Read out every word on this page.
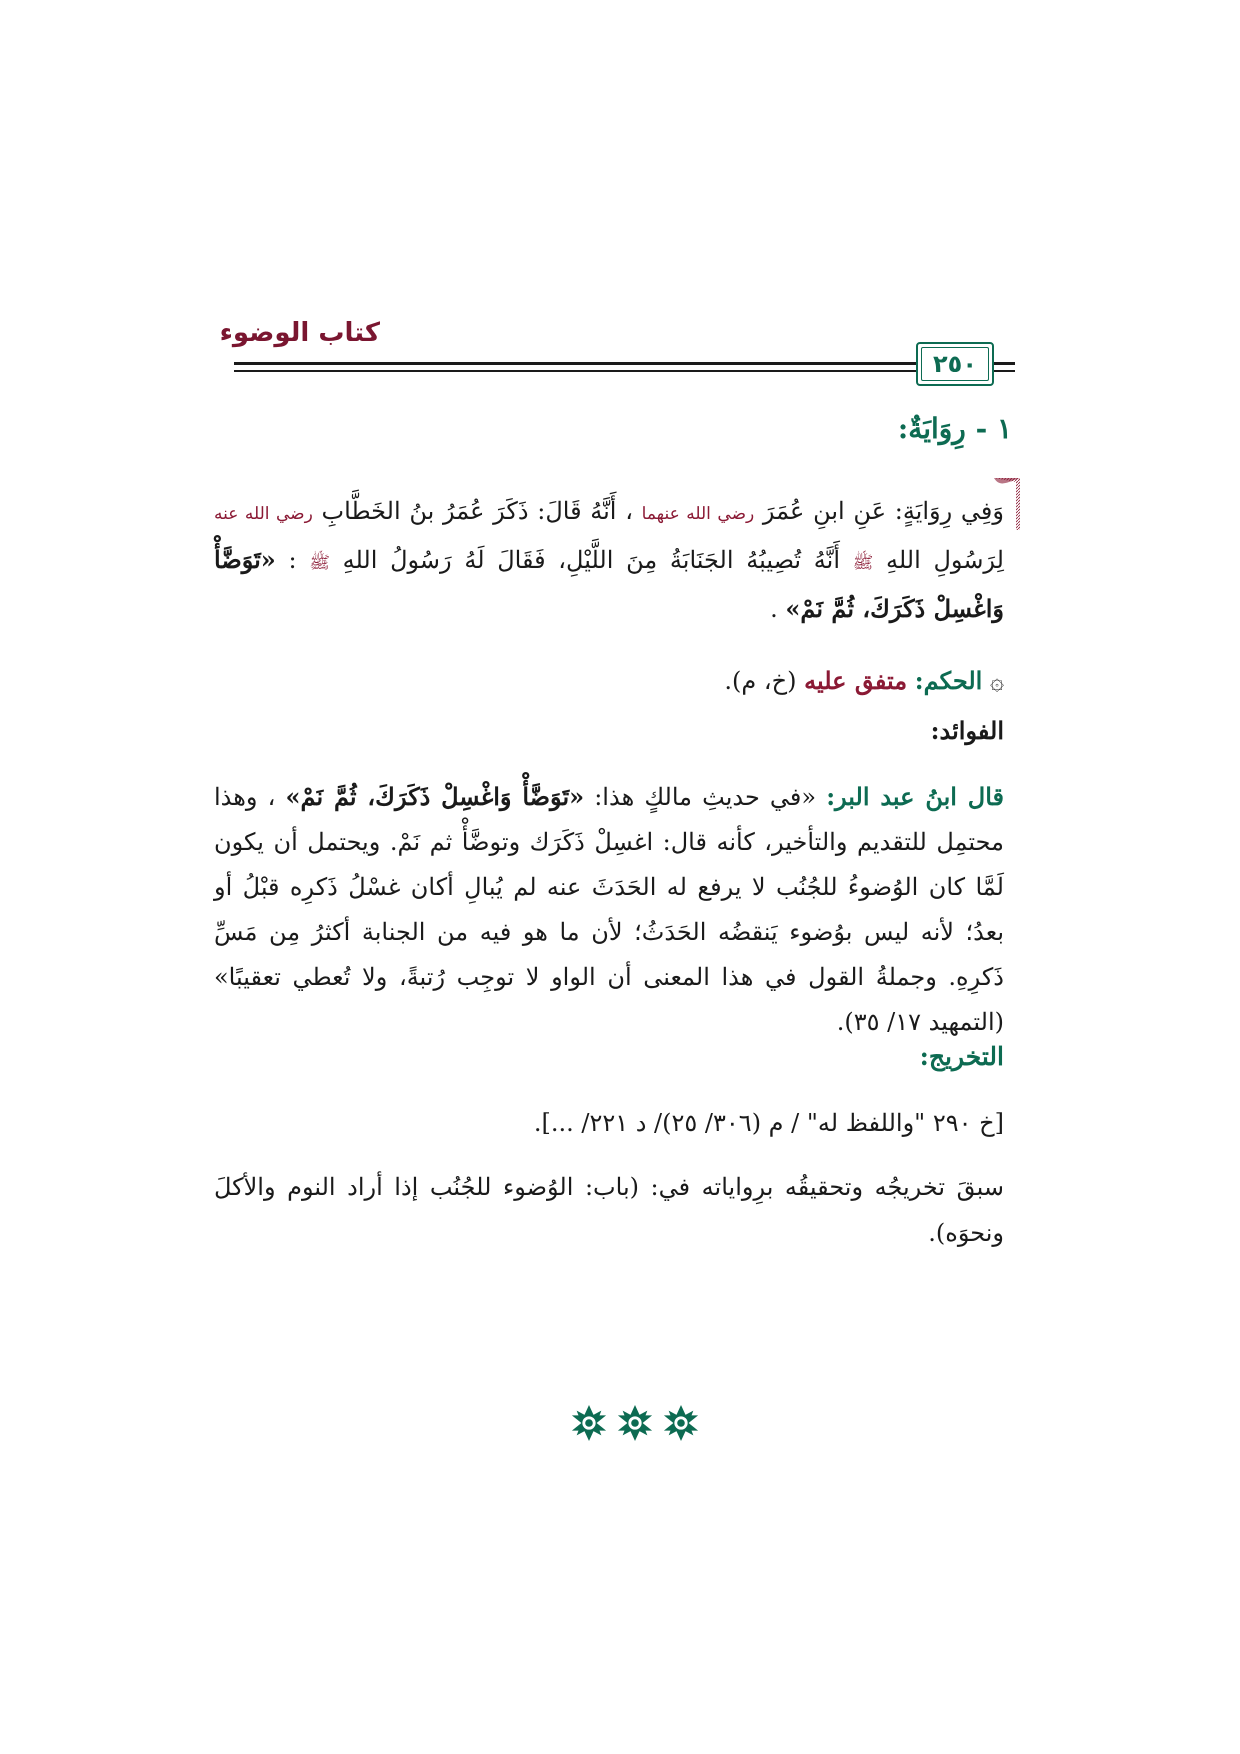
كتاب الوضوء
٢٥٠
١ - رِوَايَةٌ:
وَفِي رِوَايَةٍ: عَنِ ابنِ عُمَرَ رضي الله عنهما ، أَنَّهُ قَالَ: ذَكَرَ عُمَرُ بنُ الخَطَّابِ رضي الله عنه لِرَسُولِ اللهِ ﷺ أَنَّهُ تُصِيبُهُ الجَنَابَةُ مِنَ اللَّيْلِ، فَقَالَ لَهُ رَسُولُ اللهِ ﷺ : «تَوَضَّأْ وَاغْسِلْ ذَكَرَكَ، ثُمَّ نَمْ» .
۞ الحكم: متفق عليه (خ، م).
الفوائد:
قال ابنُ عبد البر: «في حديثِ مالكٍ هذا: «تَوَضَّأْ وَاغْسِلْ ذَكَرَكَ، ثُمَّ نَمْ» ، وهذا محتمِل للتقديم والتأخير، كأنه قال: اغسِلْ ذَكَرَك وتوضَّأْ ثم نَمْ. ويحتمل أن يكون لَمَّا كان الوُضوءُ للجُنُب لا يرفع له الحَدَثَ عنه لم يُبالِ أكان غسْلُ ذَكرِه قبْلُ أو بعدُ؛ لأنه ليس بوُضوء يَنقضُه الحَدَثُ؛ لأن ما هو فيه من الجنابة أكثرُ مِن مَسِّ ذَكرِهِ. وجملةُ القول في هذا المعنى أن الواو لا توجِب رُتبةً، ولا تُعطي تعقيبًا» (التمهيد ١٧/ ٣٥).
التخريج:
[خ ٢٩٠ "واللفظ له" / م (٣٠٦/ ٢٥)/ د ٢٢١/ ...].
سبقَ تخريجُه وتحقيقُه برِواياته في: (باب: الوُضوء للجُنُب إذا أراد النوم والأكلَ ونحوَه).
